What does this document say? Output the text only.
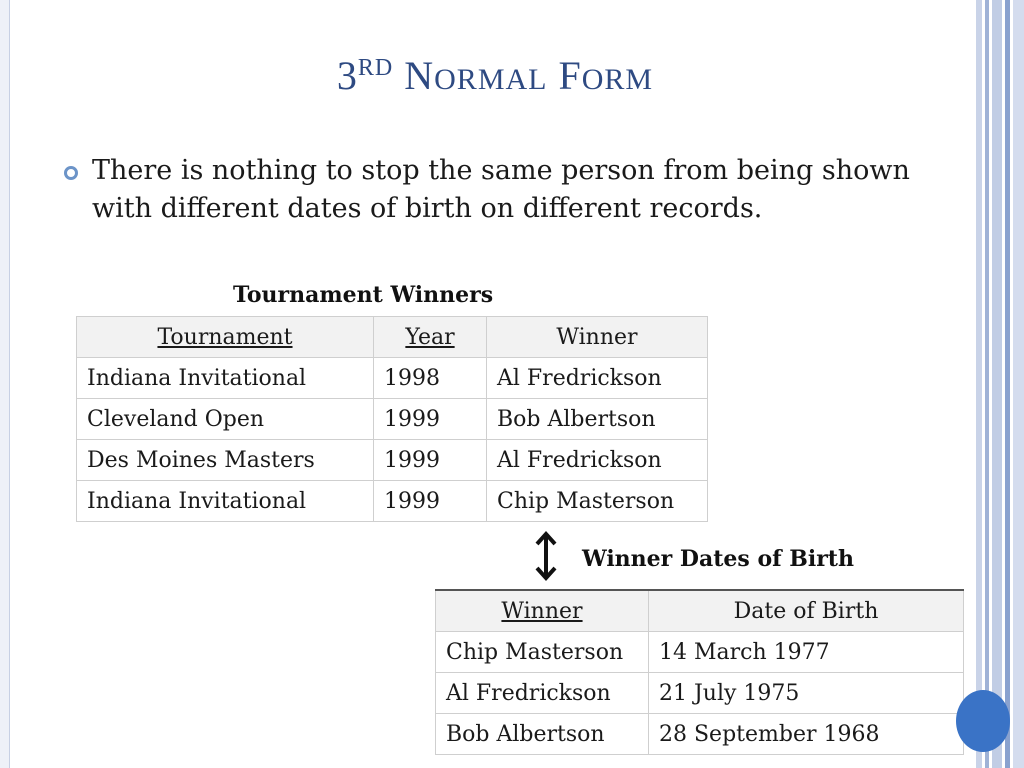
3RD NORMAL FORM
There is nothing to stop the same person from being shown with different dates of birth on different records.
Tournament Winners
Tournament	Year	Winner
Indiana Invitational	1998	Al Fredrickson
Cleveland Open	1999	Bob Albertson
Des Moines Masters	1999	Al Fredrickson
Indiana Invitational	1999	Chip Masterson
Winner Dates of Birth
Winner	Date of Birth
Chip Masterson	14 March 1977
Al Fredrickson	21 July 1975
Bob Albertson	28 September 1968
